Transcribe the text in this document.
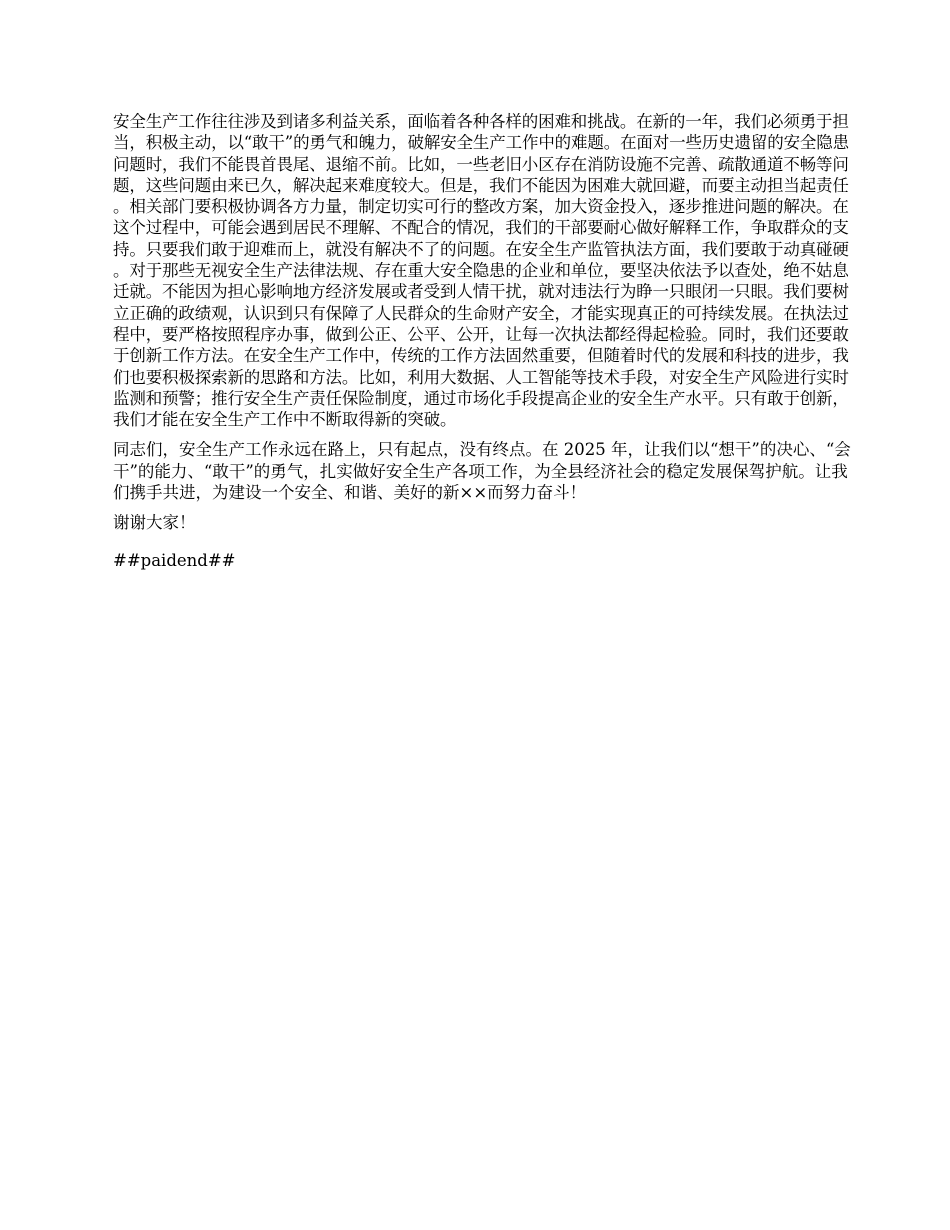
安全生产工作往往涉及到诸多利益关系，面临着各种各样的困难和挑战。在新的一年，我们必须勇于担当，积极主动，以“敢干”的勇气和魄力，破解安全生产工作中的难题。在面对一些历史遗留的安全隐患问题时，我们不能畏首畏尾、退缩不前。比如，一些老旧小区存在消防设施不完善、疏散通道不畅等问题，这些问题由来已久，解决起来难度较大。但是，我们不能因为困难大就回避，而要主动担当起责任。相关部门要积极协调各方力量，制定切实可行的整改方案，加大资金投入，逐步推进问题的解决。在这个过程中，可能会遇到居民不理解、不配合的情况，我们的干部要耐心做好解释工作，争取群众的支持。只要我们敢于迎难而上，就没有解决不了的问题。在安全生产监管执法方面，我们要敢于动真碰硬。对于那些无视安全生产法律法规、存在重大安全隐患的企业和单位，要坚决依法予以查处，绝不姑息迁就。不能因为担心影响地方经济发展或者受到人情干扰，就对违法行为睁一只眼闭一只眼。我们要树立正确的政绩观，认识到只有保障了人民群众的生命财产安全，才能实现真正的可持续发展。在执法过程中，要严格按照程序办事，做到公正、公平、公开，让每一次执法都经得起检验。同时，我们还要敢于创新工作方法。在安全生产工作中，传统的工作方法固然重要，但随着时代的发展和科技的进步，我们也要积极探索新的思路和方法。比如，利用大数据、人工智能等技术手段，对安全生产风险进行实时监测和预警；推行安全生产责任保险制度，通过市场化手段提高企业的安全生产水平。只有敢于创新，我们才能在安全生产工作中不断取得新的突破。

同志们，安全生产工作永远在路上，只有起点，没有终点。在 2025 年，让我们以“想干”的决心、“会干”的能力、“敢干”的勇气，扎实做好安全生产各项工作，为全县经济社会的稳定发展保驾护航。让我们携手共进，为建设一个安全、和谐、美好的新××而努力奋斗！

谢谢大家！

##paidend##
